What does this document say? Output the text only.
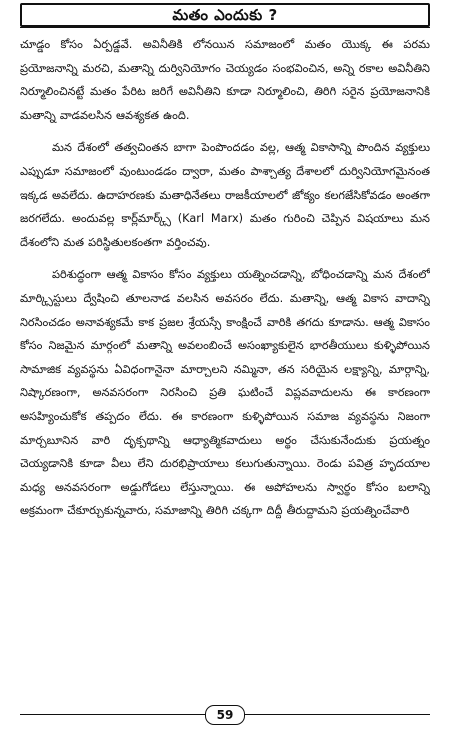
మతం ఎందుకు ?

చూడ్డం కోసం ఏర్పడ్డవే. అవినీతికి లోనయిన సమాజంలో మతం యొక్క ఈ పరమ ప్రయోజనాన్ని మరచి, మతాన్ని దుర్వినియోగం చెయ్యడం సంభవించిన, అన్ని రకాల అవినీతిని నిర్మూలించినట్టే మతం పేరిట జరిగే అవినీతిని కూడా నిర్మూలించి, తిరిగి సరైన ప్రయోజనానికి మతాన్ని వాడవలసిన ఆవశ్యకత ఉంది.

మన దేశంలో తత్వచింతన బాగా పెంపొందడం వల్ల, ఆత్మ వికాసాన్ని పొందిన వ్యక్తులు ఎప్పుడూ సమాజంలో వుంటుండడం ద్వారా, మతం పాశ్చాత్య దేశాలలో దుర్వినియోగమైనంత ఇక్కడ అవలేదు. ఉదాహరణకు మతాధినేతలు రాజకీయాలలో జోక్యం కలగజేసికోవడం అంతగా జరగలేదు. అందువల్ల కార్ల్‌మార్క్స్ (Karl Marx) మతం గురించి చెప్పిన విషయాలు మన దేశంలోని మత పరిస్థితులకంతగా వర్తించవు.

పరిశుద్ధంగా ఆత్మ వికాసం కోసం వ్యక్తులు యత్నించడాన్ని, బోధించడాన్ని మన దేశంలో మార్క్సిస్టులు ద్వేషించి తూలనాడ వలసిన అవసరం లేదు. మతాన్ని, ఆత్మ వికాస వాదాన్ని నిరసించడం అనావశ్యకమే కాక ప్రజల శ్రేయస్సే కాంక్షించే వారికి తగదు కూడాను. ఆత్మ వికాసం కోసం నిజమైన మార్గంలో మతాన్ని అవలంబించే అసంఖ్యాకులైన భారతీయులు కుళ్ళిపోయిన సామాజిక వ్యవస్థను ఏవిధంగానైనా మార్చాలని నమ్మినా, తన సరియైన లక్ష్యాన్ని, మార్గాన్ని, నిష్కారణంగా, అనవసరంగా నిరసించి ప్రతి ఘటించే విప్లవవాదులను ఈ కారణంగా అసహ్యించుకోక తప్పదం లేదు. ఈ కారణంగా కుళ్ళిపోయిన సమాజ వ్యవస్థను నిజంగా మార్చబూనిన వారి దృక్పథాన్ని ఆధ్యాత్మికవాదులు అర్థం చేసుకునేందుకు ప్రయత్నం చెయ్యడానికి కూడా వీలు లేని దురభిప్రాయాలు కలుగుతున్నాయి. రెండు పవిత్ర హృదయాల మధ్య అనవసరంగా అడ్డుగోడలు లేస్తున్నాయి. ఈ అపోహలను స్వార్థం కోసం బలాన్ని అక్రమంగా చేకూర్చుకున్నవారు, సమాజాన్ని తిరిగి చక్కగా దిద్దీ తీరుద్దామని ప్రయత్నించేవారి

59
